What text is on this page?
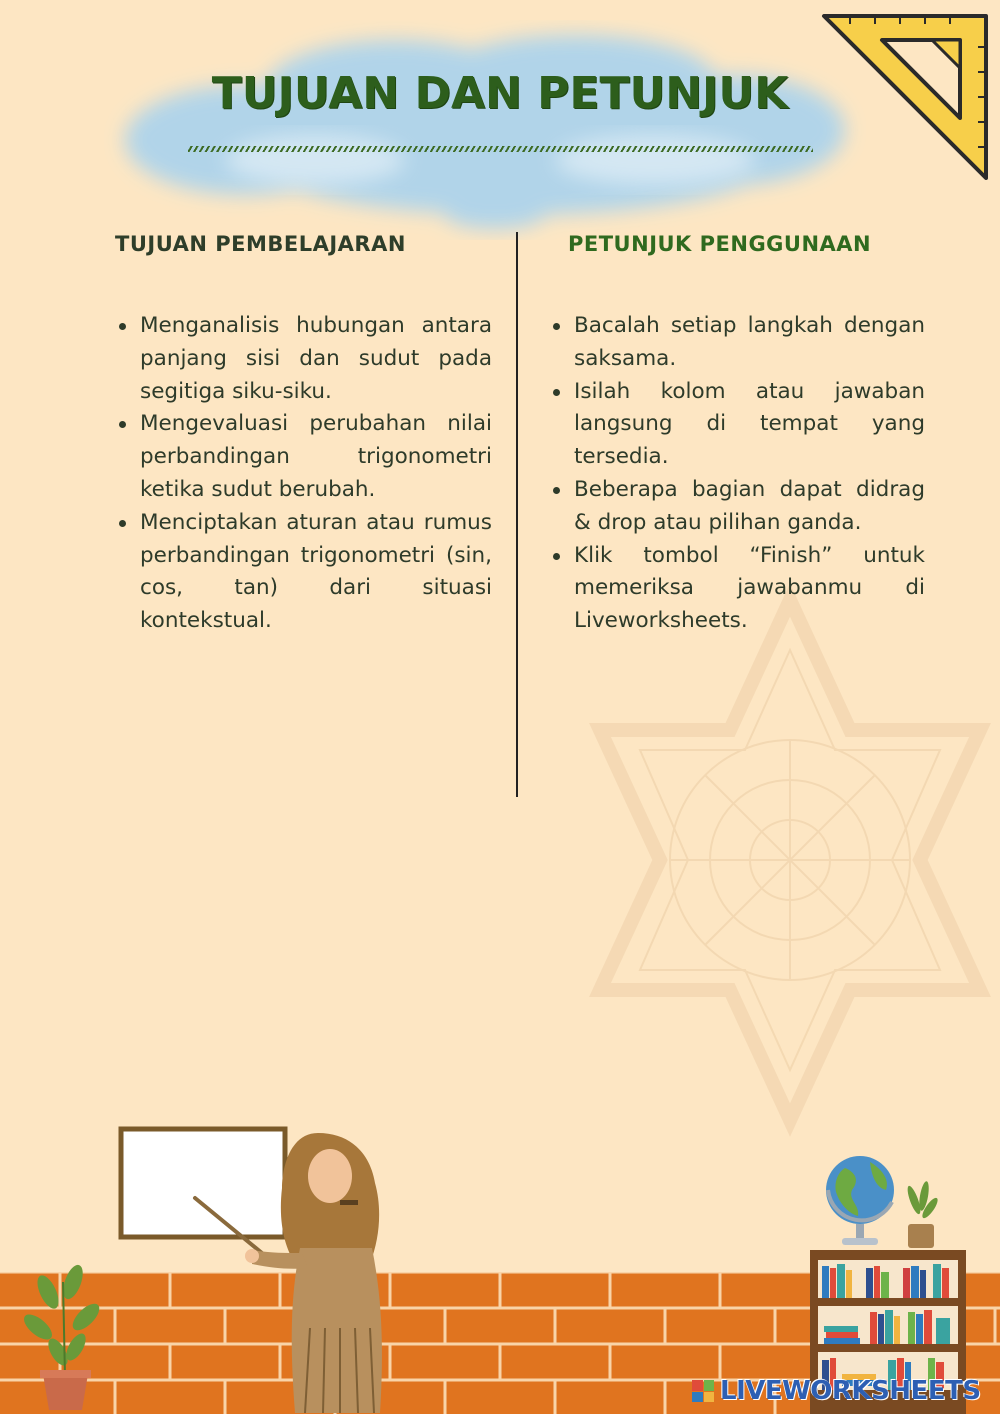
TUJUAN DAN PETUNJUK
TUJUAN PEMBELAJARAN	PETUNJUK PENGGUNAAN
Menganalisis hubungan antara panjang sisi dan sudut pada segitiga siku-siku.
Mengevaluasi perubahan nilai perbandingan trigonometri ketika sudut berubah.
Menciptakan aturan atau rumus perbandingan trigonometri (sin, cos, tan) dari situasi kontekstual.
Bacalah setiap langkah dengan saksama.
Isilah kolom atau jawaban langsung di tempat yang tersedia.
Beberapa bagian dapat didrag & drop atau pilihan ganda.
Klik tombol “Finish” untuk memeriksa jawabanmu di Liveworksheets.
LIVEWORKSHEETS
